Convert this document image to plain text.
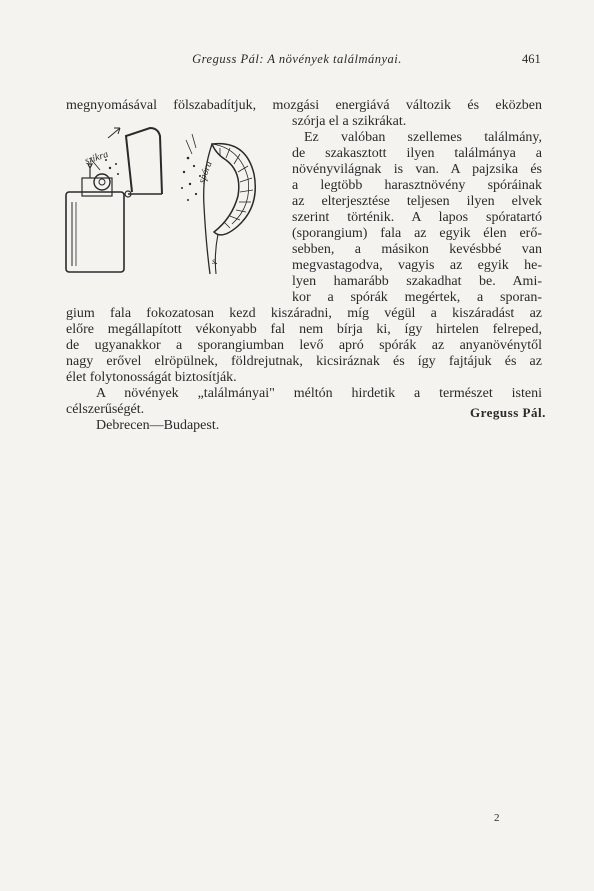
Greguss Pál: A növények találmányai.	461
szikra
spóra
s.
megnyomásával fölszabadítjuk, mozgási energiává változik és eközben
szórja el a szikrákat.
Ez valóban szellemes találmány,
de szakasztott ilyen találmánya a
növényvilágnak is van. A pajzsika és
a legtöbb harasztnövény spóráinak
az elterjesztése teljesen ilyen elvek
szerint történik. A lapos spóratartó
(sporangium) fala az egyik élen erő-
sebben, a másikon kevésbbé van
megvastagodva, vagyis az egyik he-
lyen hamarább szakadhat be. Ami-
kor a spórák megértek, a sporan-
gium fala fokozatosan kezd kiszáradni, míg végül a kiszáradást az
előre megállapított vékonyabb fal nem bírja ki, így hirtelen felreped,
de ugyanakkor a sporangiumban levő apró spórák az anyanövénytől
nagy erővel elröpülnek, földrejutnak, kicsiráznak és így fajtájuk és az
élet folytonosságát biztosítják.
A növények „találmányai" méltón hirdetik a természet isteni
célszerűségét.
Debrecen—Budapest.
Greguss Pál.
2
